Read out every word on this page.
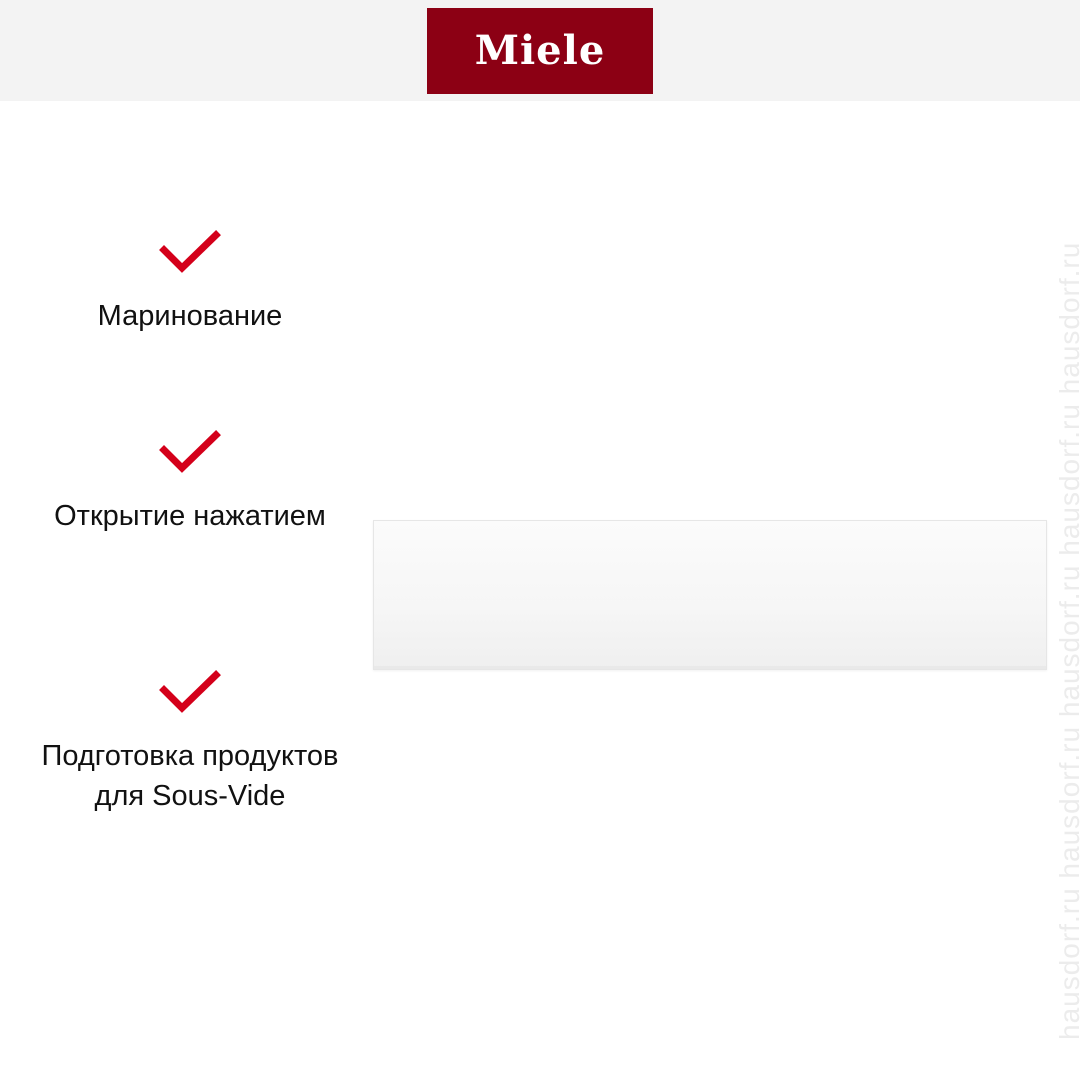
Miele
Маринование
Открытие нажатием
Подготовка продуктов для Sous-Vide	hausdorf.ru hausdorf.ru hausdorf.ru hausdorf.ru hausdorf.ru
